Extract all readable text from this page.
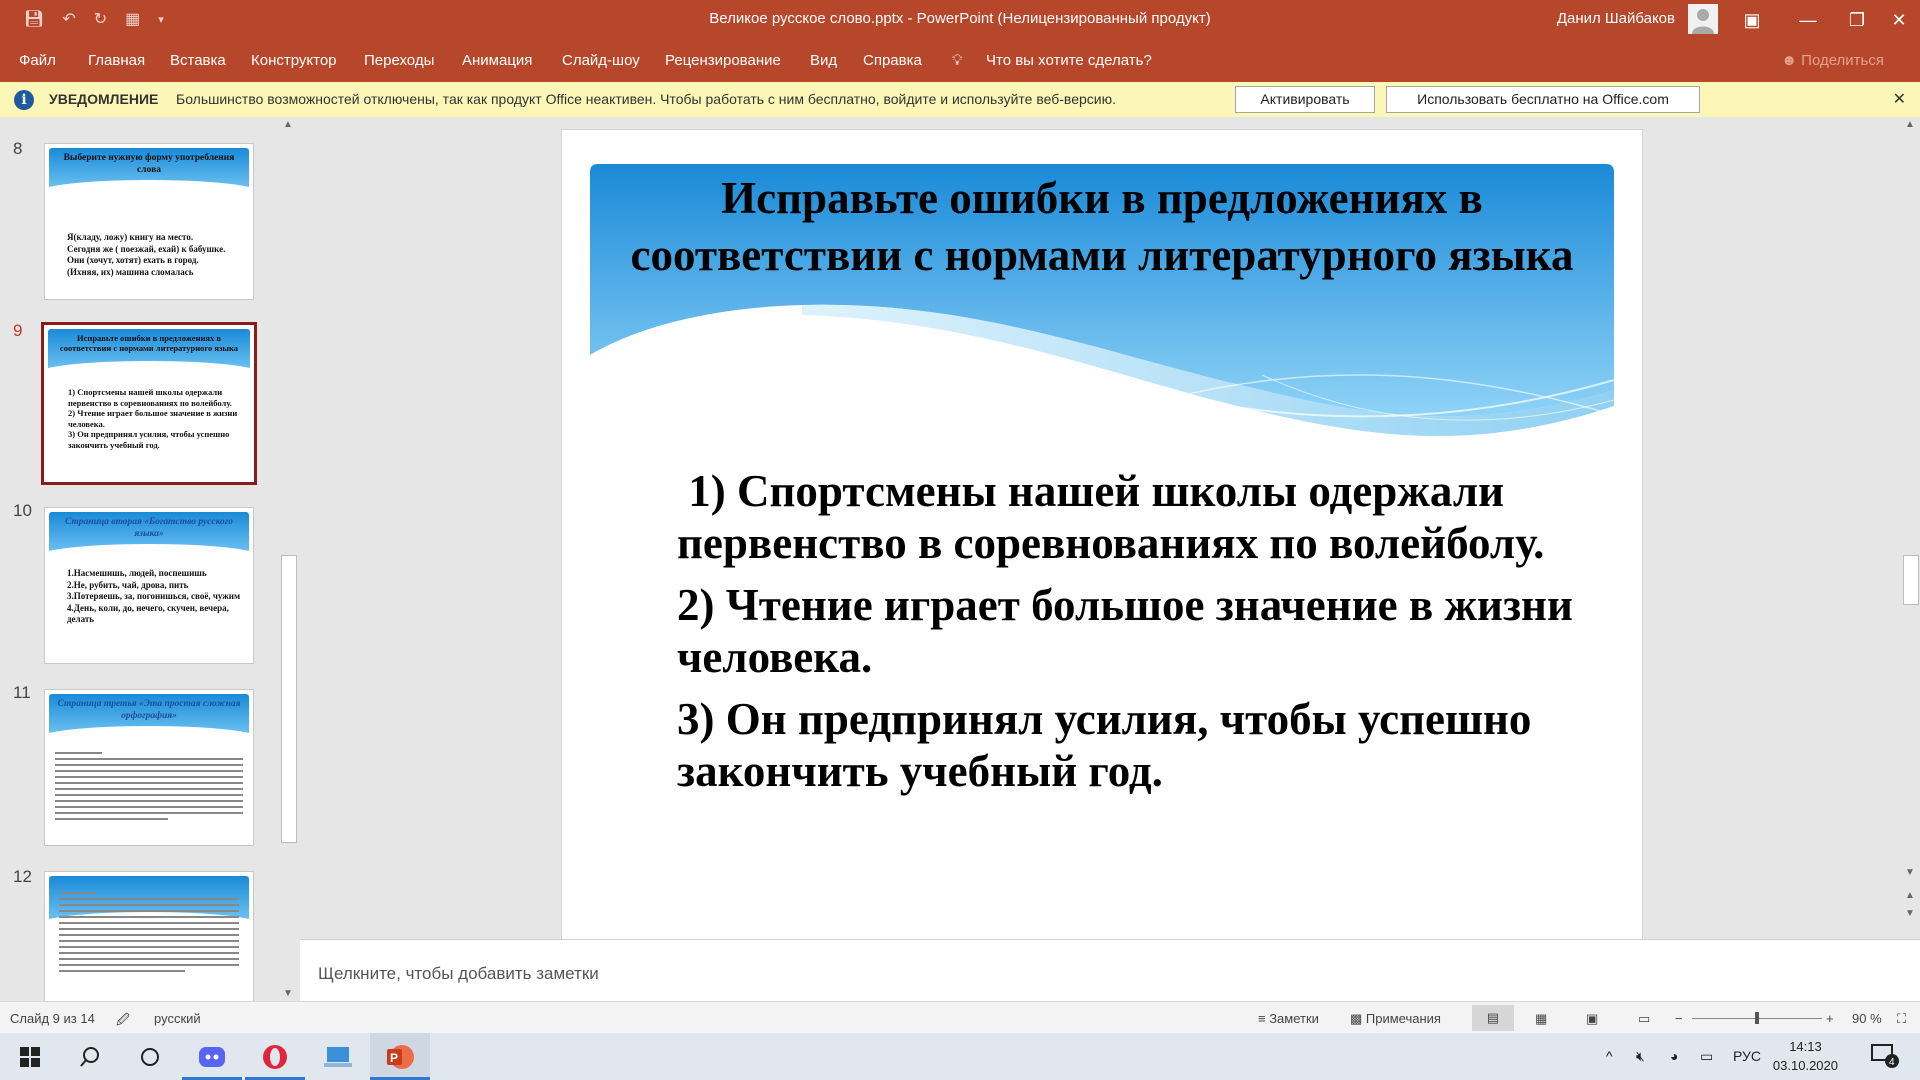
💾︎ ↶ ↻ ▦ ▾	Великое русское слово.pptx - PowerPoint (Нелицензированный продукт)	Данил Шайбаков	▣	—	❐	✕
Файл Главная Вставка Конструктор Переходы Анимация Слайд-шоу Рецензирование Вид Справка 💡︎ Что вы хотите сделать?	☻ Поделиться
i	УВЕДОМЛЕНИЕ Большинство возможностей отключены, так как продукт Office неактивен. Чтобы работать с ним бесплатно, войдите и используйте веб-версию.	Активировать	Использовать бесплатно на Office.com	✕
8	Выберите нужную форму употребления слова
Я(кладу, ложу) книгу на место.
Сегодня же ( поезжай, ехай) к бабушке.
Они (хочут, хотят) ехать в город.
(Ихняя, их) машина сломалась
9	Исправьте ошибки в предложениях в соответствии с нормами литературного языка
1) Спортсмены нашей школы одержали первенство в соревнованиях по волейболу.
2) Чтение играет большое значение в жизни человека.
3) Он предпринял усилия, чтобы успешно закончить учебный год.
10
Страница вторая «Богатство русского языка»
1.Насмешишь, людей, поспешишь
2.Не, рубить, чай, дрова, пить
3.Потеряешь, за, погонишься, своё, чужим
4.День, коли, до, нечего, скучен, вечера, делать
11
Страница третья «Эта простая сложная орфография»
12
▲
▼
Исправьте ошибки в предложениях в соответствии с нормами литературного языка

1) Спортсмены нашей школы одержали первенство в соревнованиях по волейболу.

2) Чтение играет большое значение в жизни человека.

3) Он предпринял усилия, чтобы успешно закончить учебный год.

▲
▼
▲
▼
Щелкните, чтобы добавить заметки
Слайд 9 из 14 🖉︎ русский	≡ Заметки ▩ Примечания	▤	▦	▣	▭ −	+ 90 % ⛶
P	^ 🔇︎ ◕ ▭ РУС
14:13
03.10.2020	4
